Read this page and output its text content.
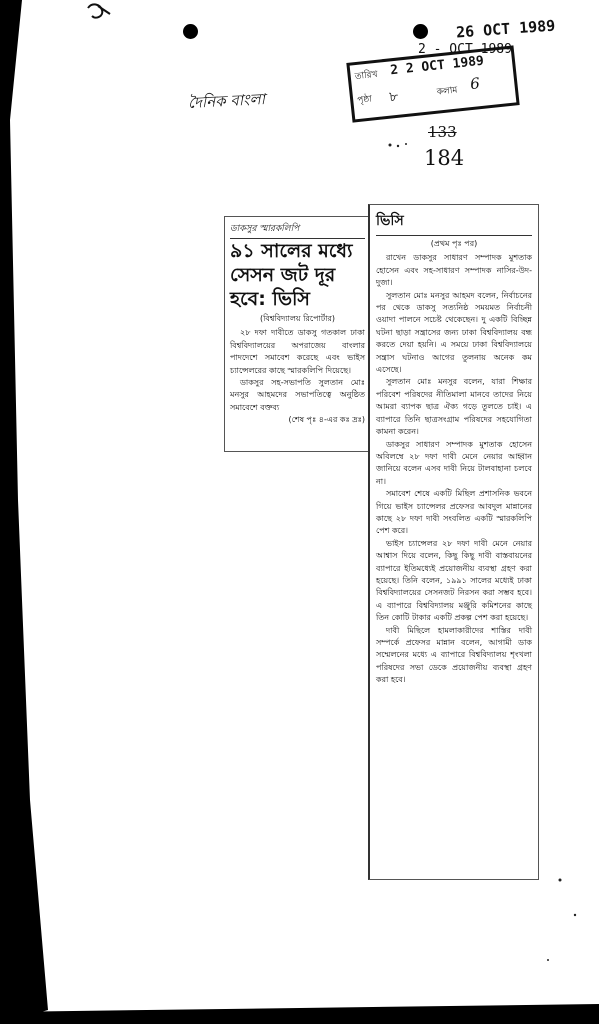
দৈনিক বাংলা
26 OCT 1989
2 - OCT 1989
তারিখ 2 2 OCT 1989
পৃষ্ঠা ৮	কলাম 6
133
184
ডাকসুর স্মারকলিপি
৯১ সালের মধ্যে
সেসন জট দূর
হবে: ভিসি

(বিশ্ববিদ্যালয় রিপোর্টার)

২৮ দফা দাবীতে ডাকসু গতকাল ঢাকা বিশ্ববিদ্যালয়ের অপরাজেয় বাংলার পাদদেশে সমাবেশ করেছে এবং ভাইস চ্যান্সেলরের কাছে স্মারকলিপি দিয়েছে।

ডাকসুর সহ-সভাপতি সুলতান মোঃ মনসুর আহমদের সভাপতিত্বে অনুষ্ঠিত সমাবেশে বক্তব্য

(শেষ পৃঃ ৪-এর কঃ দ্রঃ)

ভিসি

(প্রথম পৃঃ পর)

রাখেন ডাকসুর সাধারণ সম্পাদক মুশতাক হোসেন এবং সহ-সাধারণ সম্পাদক নাসির-উদ-দুজা।

সুলতান মোঃ মনসুর আহমদ বলেন, নির্বাচনের পর থেকে ডাকসু সত্যনিষ্ঠ সময়মত নির্বাচনী ওয়াদা পালনে সচেষ্ট থেকেছেন। দু একটি বিচ্ছিন্ন ঘটনা ছাড়া সন্ত্রাসের জন্য ঢাকা বিশ্ববিদ্যালয় বন্ধ করতে দেয়া হয়নি। এ সময়ে ঢাকা বিশ্ববিদ্যালয়ে সন্ত্রাস ঘটনাও আগের তুলনায় অনেক কম এসেছে।

সুলতান মোঃ মনসুর বলেন, যারা শিক্ষার পরিবেশ পরিষদের নীতিমালা মানবে তাদের নিয়ে আমরা ব্যাপক ছাত্র ঐক্য গড়ে তুলতে চাই। এ ব্যাপারে তিনি ছাত্রসংগ্রাম পরিষদের সহযোগিতা কামনা করেন।

ডাকসুর সাধারণ সম্পাদক মুশতাক হোসেন অবিলম্বে ২৮ দফা দাবী মেনে নেয়ার আহ্বান জানিয়ে বলেন এসব দাবী নিয়ে টালবাহানা চলবে না।

সমাবেশ শেষে একটি মিছিল প্রশাসনিক ভবনে গিয়ে ভাইস চ্যান্সেলর প্রফেসর আবদুল মান্নানের কাছে ২৮ দফা দাবী সংবলিত একটি স্মারকলিপি পেশ করে।

ভাইস চ্যান্সেলর ২৮ দফা দাবী মেনে নেয়ার আশ্বাস দিয়ে বলেন, কিছু কিছু দাবী বাস্তবায়নের ব্যাপারে ইতিমধ্যেই প্রয়োজনীয় ব্যবস্থা গ্রহণ করা হয়েছে। তিনি বলেন, ১৯৯১ সালের মধ্যেই ঢাকা বিশ্ববিদ্যালয়ের সেসনজট নিরসন করা সম্ভব হবে। এ ব্যাপারে বিশ্ববিদ্যালয় মঞ্জুরি কমিশনের কাছে তিন কোটি টাকার একটি প্রকল্প পেশ করা হয়েছে।

দাবী মিছিলে হামলাকারীদের শাস্তির দাবী সম্পর্কে প্রফেসর মান্নান বলেন, আগামী ডাক সম্মেলনের মধ্যে এ ব্যাপারে বিশ্ববিদ্যালয় শৃংখলা পরিষদের সভা ডেকে প্রয়োজনীয় ব্যবস্থা গ্রহণ করা হবে।
